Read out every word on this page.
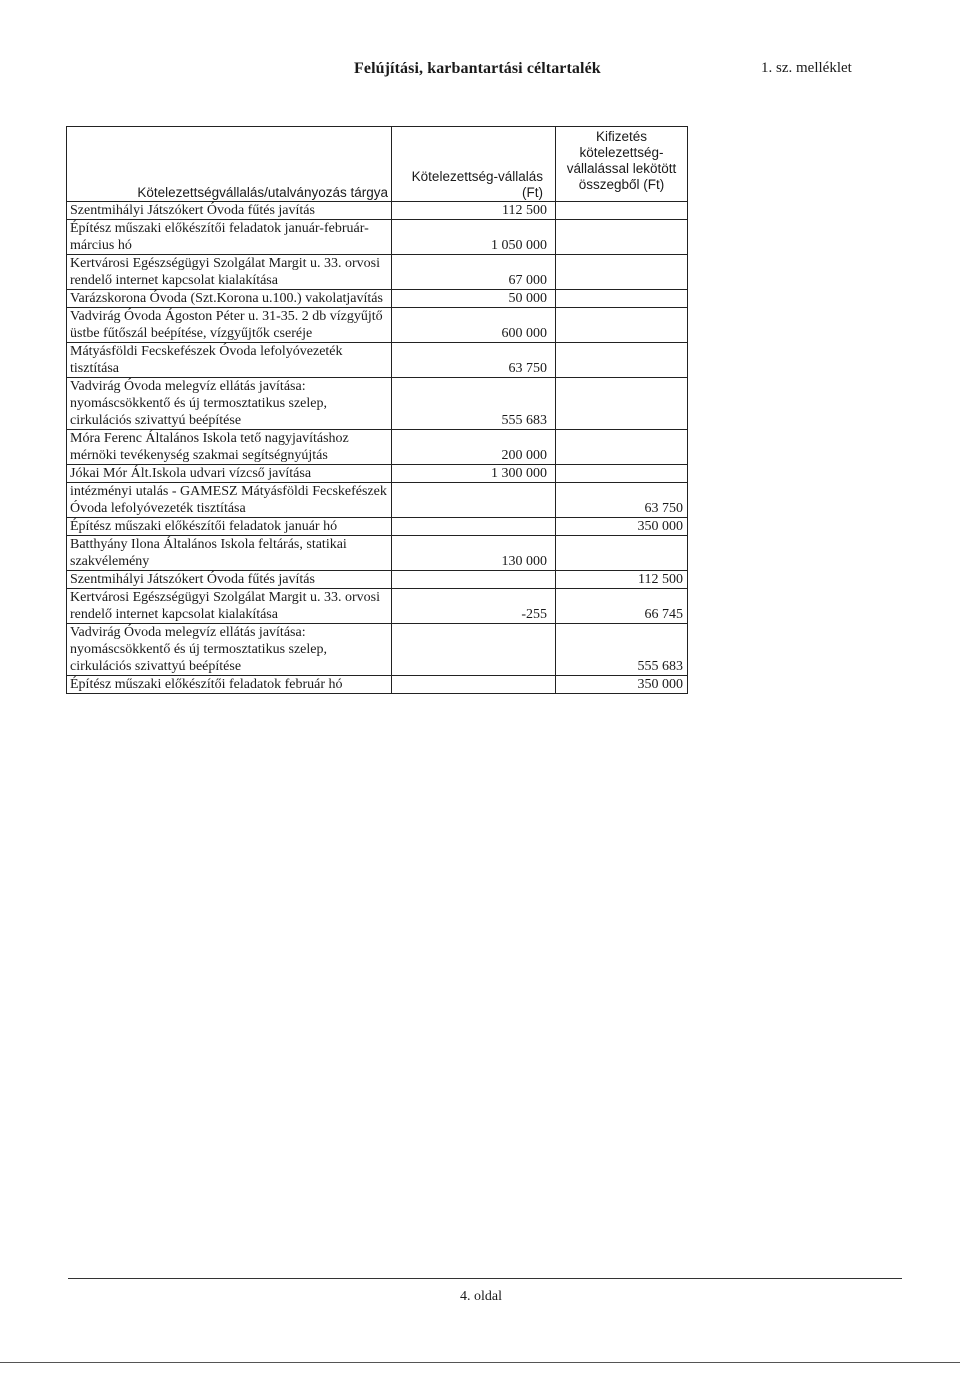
Felújítási, karbantartási céltartalék	1. sz. melléklet
Kötelezettségvállalás/utalványozás tárgya	Kötelezettség-vállalás (Ft)	Kifizetés kötelezettség-vállalással lekötött összegből (Ft)
Szentmihályi Játszókert Óvoda fűtés javítás	112 500	
Építész műszaki előkészítői feladatok január-február-március hó	1 050 000	
Kertvárosi Egészségügyi Szolgálat Margit u. 33. orvosi rendelő internet kapcsolat kialakítása	67 000	
Varázskorona Óvoda (Szt.Korona u.100.) vakolatjavítás	50 000	
Vadvirág Óvoda Ágoston Péter u. 31-35. 2 db vízgyűjtő üstbe fűtőszál beépítése, vízgyűjtők cseréje	600 000	
Mátyásföldi Fecskefészek Óvoda lefolyóvezeték tisztítása	63 750	
Vadvirág Óvoda melegvíz ellátás javítása: nyomáscsökkentő és új termosztatikus szelep, cirkulációs szivattyú beépítése	555 683	
Móra Ferenc Általános Iskola tető nagyjavításhoz mérnöki tevékenység szakmai segítségnyújtás	200 000	
Jókai Mór Ált.Iskola udvari vízcső javítása	1 300 000	
intézményi utalás - GAMESZ Mátyásföldi Fecskefészek Óvoda lefolyóvezeték tisztítása		63 750
Építész műszaki előkészítői feladatok január hó		350 000
Batthyány Ilona Általános Iskola feltárás, statikai szakvélemény	130 000	
Szentmihályi Játszókert Óvoda fűtés javítás		112 500
Kertvárosi Egészségügyi Szolgálat Margit u. 33. orvosi rendelő internet kapcsolat kialakítása	-255	66 745
Vadvirág Óvoda melegvíz ellátás javítása: nyomáscsökkentő és új termosztatikus szelep, cirkulációs szivattyú beépítése		555 683
Építész műszaki előkészítői feladatok február hó		350 000
4. oldal
